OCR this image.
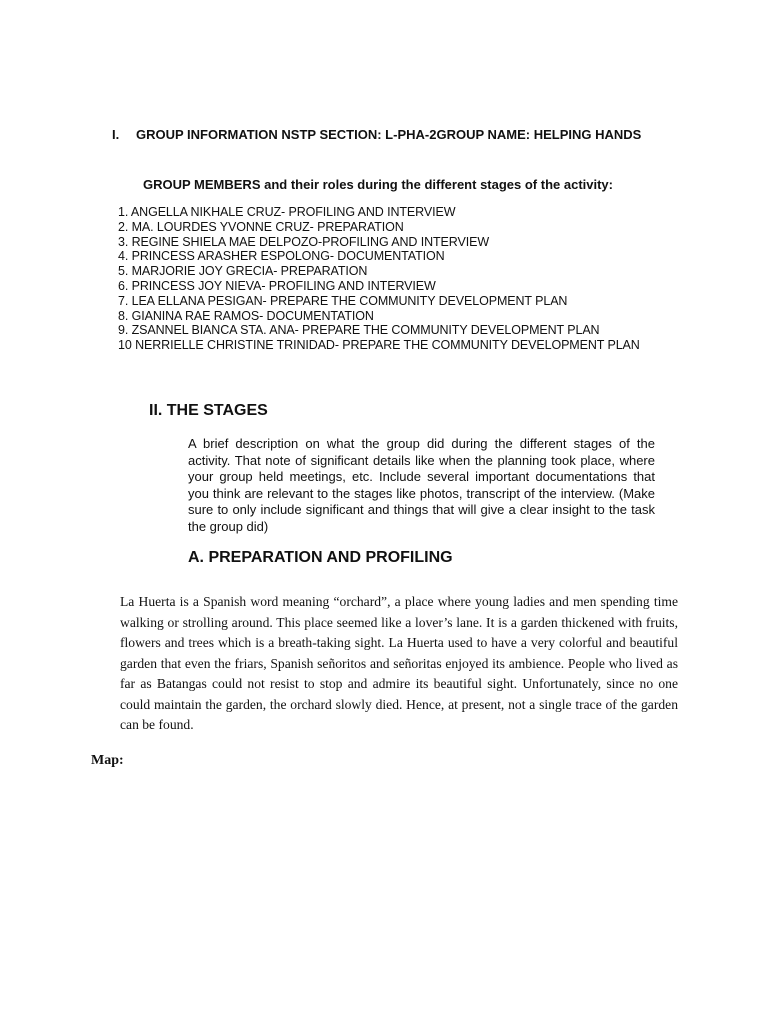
I. GROUP INFORMATION NSTP SECTION: L-PHA-2GROUP NAME: HELPING HANDS
GROUP MEMBERS and their roles during the different stages of the activity:
1. ANGELLA NIKHALE CRUZ- PROFILING AND INTERVIEW
2. MA. LOURDES YVONNE CRUZ- PREPARATION
3. REGINE SHIELA MAE DELPOZO-PROFILING AND INTERVIEW
4. PRINCESS ARASHER ESPOLONG- DOCUMENTATION
5. MARJORIE JOY GRECIA- PREPARATION
6. PRINCESS JOY NIEVA- PROFILING AND INTERVIEW
7. LEA ELLANA PESIGAN- PREPARE THE COMMUNITY DEVELOPMENT PLAN
8. GIANINA RAE RAMOS- DOCUMENTATION
9. ZSANNEL BIANCA STA. ANA- PREPARE THE COMMUNITY DEVELOPMENT PLAN
10 NERRIELLE CHRISTINE TRINIDAD- PREPARE THE COMMUNITY DEVELOPMENT PLAN
II. THE STAGES
A brief description on what the group did during the different stages of the activity. That note of significant details like when the planning took place, where your group held meetings, etc. Include several important documentations that you think are relevant to the stages like photos, transcript of the interview. (Make sure to only include significant and things that will give a clear insight to the task the group did)
A. PREPARATION AND PROFILING
La Huerta is a Spanish word meaning “orchard”, a place where young ladies and men spending time walking or strolling around. This place seemed like a lover’s lane. It is a garden thickened with fruits, flowers and trees which is a breath-taking sight. La Huerta used to have a very colorful and beautiful garden that even the friars, Spanish señoritos and señoritas enjoyed its ambience. People who lived as far as Batangas could not resist to stop and admire its beautiful sight. Unfortunately, since no one could maintain the garden, the orchard slowly died. Hence, at present, not a single trace of the garden can be found.
Map:
